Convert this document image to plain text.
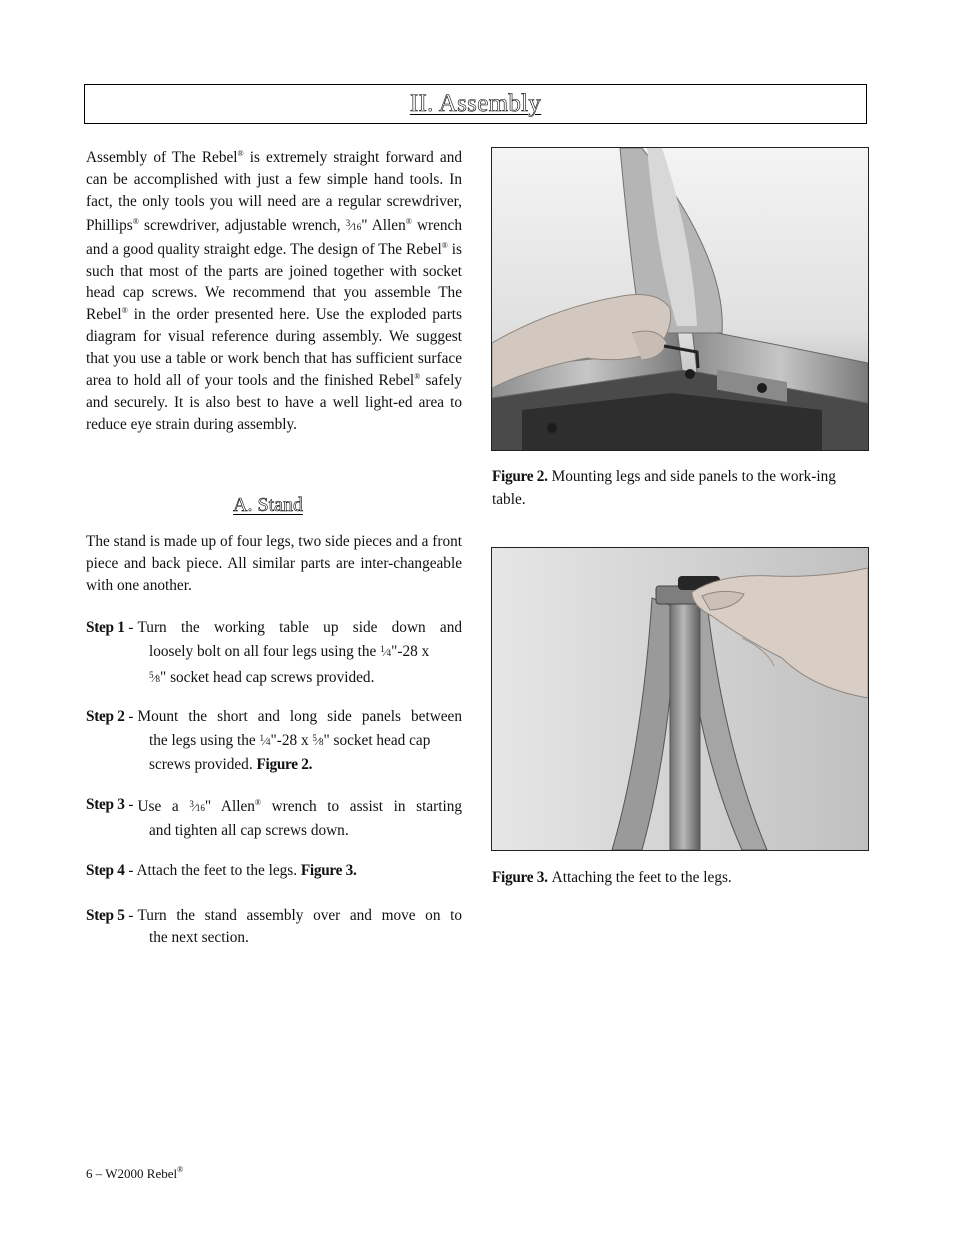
II. Assembly

Assembly of The Rebel® is extremely straight forward and can be accomplished with just a few simple hand tools. In fact, the only tools you will need are a regular screwdriver, Phillips® screwdriver, adjustable wrench, $^3$⁄16" Allen® wrench and a good quality straight edge. The design of The Rebel® is such that most of the parts are joined together with socket head cap screws. We recommend that you assemble The Rebel® in the order presented here. Use the exploded parts diagram for visual reference during assembly. We suggest that you use a table or work bench that has sufficient surface area to hold all of your tools and the finished Rebel® safely and securely. It is also best to have a well light-ed area to reduce eye strain during assembly.

A. Stand

The stand is made up of four legs, two side pieces and a front piece and back piece. All similar parts are inter-changeable with one another.

Step 1 - Turn the working table up side down and
loosely bolt on all four legs using the $^1$⁄4"-28 x
$^5$⁄8" socket head cap screws provided.
Step 2 - Mount the short and long side panels between
the legs using the $^1$⁄4"-28 x $^5$⁄8" socket head cap screws provided. Figure 2.
Step 3 - Use a $^3$⁄16" Allen® wrench to assist in starting
and tighten all cap screws down.
Step 4 - Attach the feet to the legs. Figure 3.
Step 5 - Turn the stand assembly over and move on to
the next section.

Figure 2. Mounting legs and side panels to the work-ing table.

Figure 3. Attaching the feet to the legs.

6 – W2000 Rebel®
